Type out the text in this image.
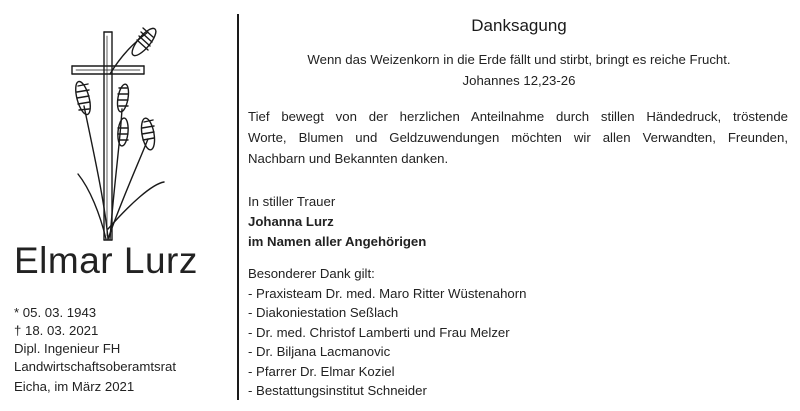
Elmar Lurz
* 05. 03. 1943
† 18. 03. 2021
Dipl. Ingenieur FH
Landwirtschaftsoberamtsrat
Eicha, im März 2021
Danksagung
Wenn das Weizenkorn in die Erde fällt und stirbt, bringt es reiche Frucht.
Johannes 12,23-26
Tief bewegt von der herzlichen Anteilnahme durch stillen Händedruck, tröstende
Worte, Blumen und Geldzuwendungen möchten wir allen Verwandten, Freunden,
Nachbarn und Bekannten danken.
In stiller Trauer
Johanna Lurz
im Namen aller Angehörigen
Besonderer Dank gilt:
- Praxisteam Dr. med. Maro Ritter Wüstenahorn
- Diakoniestation Seßlach
- Dr. med. Christof Lamberti und Frau Melzer
- Dr. Biljana Lacmanovic
- Pfarrer Dr. Elmar Koziel
- Bestattungsinstitut Schneider
